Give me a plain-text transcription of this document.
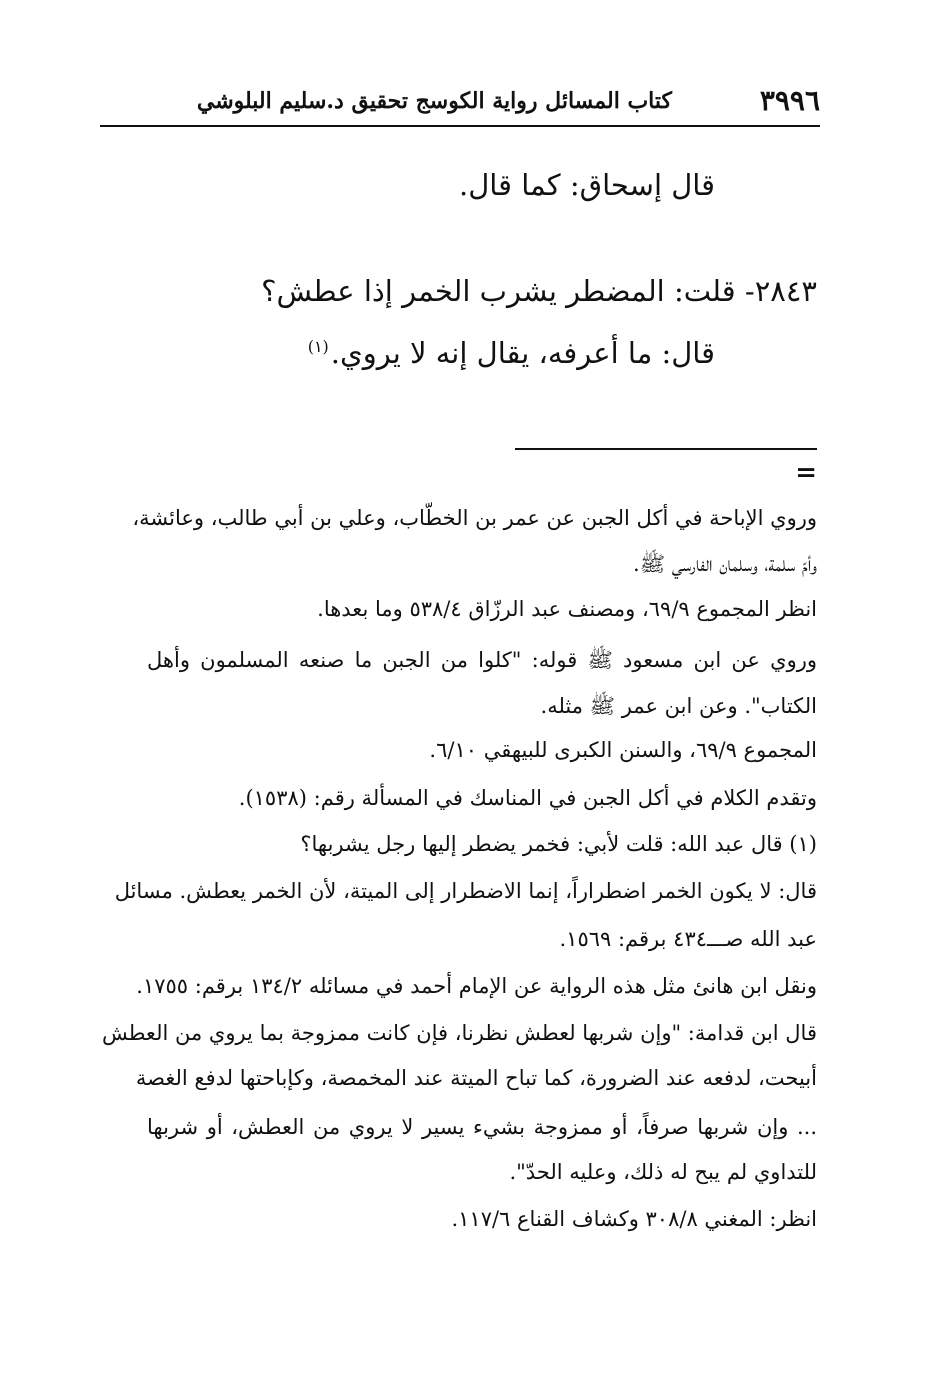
٣٩٩٦
كتاب المسائل رواية الكوسج تحقيق د.سليم البلوشي
قال إسحاق: كما قال.
٢٨٤٣- قلت: المضطر يشرب الخمر إذا عطش؟
قال: ما أعرفه، يقال إنه لا يروي.$^{(١)}$
=
وروي الإباحة في أكل الجبن عن عمر بن الخطّاب، وعلي بن أبي طالب، وعائشة،
وأمّ سلمة، وسلمان الفارسي ﷺ.
انظر المجموع ٦٩/٩، ومصنف عبد الرزّاق ٥٣٨/٤ وما بعدها.
وروي عن ابن مسعود ﷺ قوله: "كلوا من الجبن ما صنعه المسلمون وأهل
الكتاب". وعن ابن عمر ﷺ مثله.
المجموع ٦٩/٩، والسنن الكبرى للبيهقي ٦/١٠.
وتقدم الكلام في أكل الجبن في المناسك في المسألة رقم: (١٥٣٨).
(١) قال عبد الله: قلت لأبي: فخمر يضطر إليها رجل يشربها؟
قال: لا يكون الخمر اضطراراً، إنما الاضطرار إلى الميتة، لأن الخمر يعطش. مسائل
عبد الله صـــ٤٣٤ برقم: ١٥٦٩.
ونقل ابن هانئ مثل هذه الرواية عن الإمام أحمد في مسائله ١٣٤/٢ برقم: ١٧٥٥.
قال ابن قدامة: "وإن شربها لعطش نظرنا، فإن كانت ممزوجة بما يروي من العطش
أبيحت، لدفعه عند الضرورة، كما تباح الميتة عند المخمصة، وكإباحتها لدفع الغصة
... وإن شربها صرفاً، أو ممزوجة بشيء يسير لا يروي من العطش، أو شربها
للتداوي لم يبح له ذلك، وعليه الحدّ".
انظر: المغني ٣٠٨/٨ وكشاف القناع ١١٧/٦.
